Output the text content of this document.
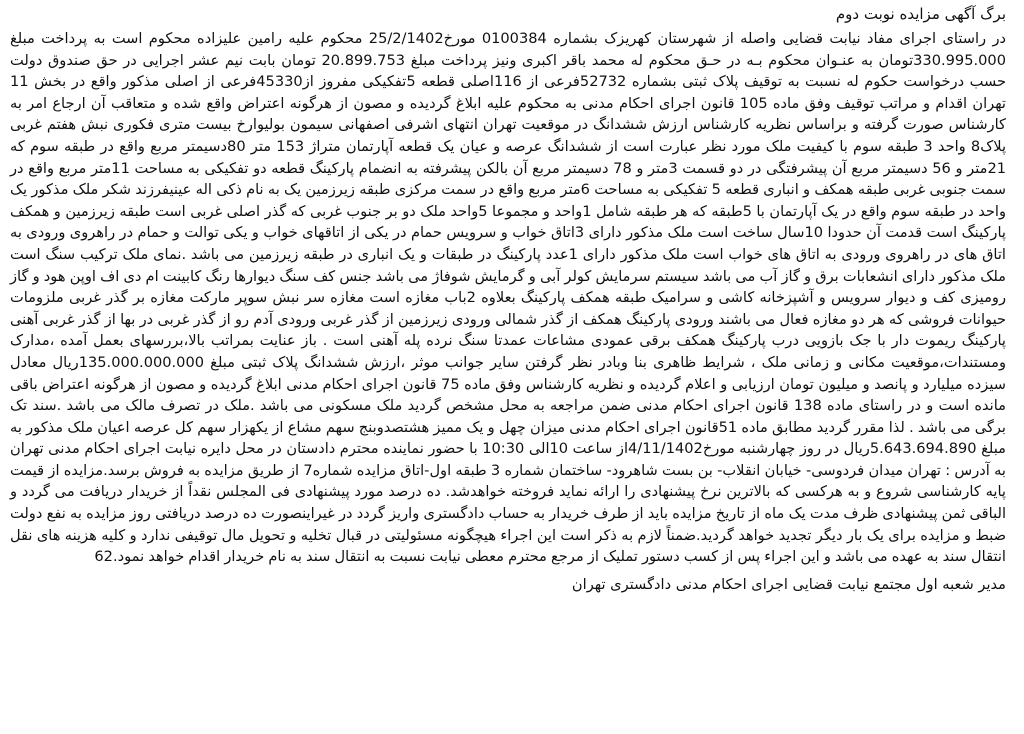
برگ آگهی مزایده نوبت دوم

در راستای اجرای مفاد نیابت قضایی واصله از شهرستان کهریزک بشماره 0100384 مورخ25/2/1402 محکوم علیه رامین علیزاده محکوم است به پرداخت مبلغ 330.995.000تومان به عنـوان محکوم بـه در حـق محکوم له محمد باقر اکبری ونیز پرداخت مبلغ 20.899.753 تومان بابت نیم عشر اجرایی در حق صندوق دولت حسب درخواست حکوم له نسبت به توقیف پلاک ثبتی بشماره 52732فرعی از 116اصلی قطعه 5تفکیکی مفروز از45330فرعی از اصلی مذکور واقع در بخش 11 تهران اقدام و مراتب توقیف وفق ماده 105 قانون اجرای احکام مدنی به محکوم علیه ابلاغ گردیده و مصون از هرگونه اعتراض واقع شده و متعاقب آن ارجاع امر به کارشناس صورت گرفته و براساس نظریه کارشناس ارزش ششدانگ در موقعیت تهران انتهای اشرفی اصفهانی سیمون بولیوارخ بیست متری فکوری نبش هفتم غربی پلاک8 واحد 3 طبقه سوم با کیفیت ملک مورد نظر عبارت است از ششدانگ عرصه و عیان یک قطعه آپارتمان متراژ 153 متر 80دسیمتر مربع واقع در طبقه سوم که 21متر و 56 دسیمتر مربع آن پیشرفتگی در دو قسمت 3متر و 78 دسیمتر مربع آن بالکن پیشرفته به انضمام پارکینگ قطعه دو تفکیکی به مساحت 11متر مربع واقع در سمت جنوبی غربی طبقه همکف و انباری قطعه 5 تفکیکی به مساحت 6متر مربع واقع در سمت مرکزی طبقه زیرزمین یک به نام ذکی اله عینیفرزند شکر ملک مذکور یک واحد در طبقه سوم واقع در یک آپارتمان با 5طبقه که هر طبقه شامل 1واحد و مجموعا 5واحد ملک دو بر جنوب غربی که گذر اصلی غربی است طبقه زیرزمین و همکف پارکینگ است قدمت آن حدودا 10سال ساخت است ملک مذکور دارای 3اتاق خواب و سرویس حمام در یکی از اتاقهای خواب و یکی توالت و حمام در راهروی ورودی به اتاق های در راهروی ورودی به اتاق های خواب است ملک مذکور دارای 1عدد پارکینگ در طبقات و یک انباری در طبقه زیرزمین می باشد .نمای ملک ترکیب سنگ است ملک مذکور دارای انشعابات برق و گاز آب می باشد سیستم سرمایش کولر آبی و گرمایش شوفاژ می باشد جنس کف سنگ دیوارها رنگ کابینت ام دی اف اوپن هود و گاز رومیزی کف و دیوار سرویس و آشپزخانه کاشی و سرامیک طبقه همکف پارکینگ بعلاوه 2باب مغازه است مغازه سر نبش سوپر مارکت مغازه بر گذر غربی ملزومات حیوانات فروشی که هر دو مغازه فعال می باشند ورودی پارکینگ همکف از گذر شمالی ورودی زیرزمین از گذر غربی ورودی آدم رو از گذر غربی در بها از گذر غربی آهنی پارکینگ ریموت دار با جک بازویی درب پارکینگ همکف برقی عمودی مشاعات عمدتا سنگ نرده پله آهنی است . باز عنایت بمراتب بالا،بررسهای بعمل آمده ،مدارک ومستندات،موقعیت مکانی و زمانی ملک ، شرایط ظاهری بنا وبادر نظر گرفتن سایر جوانب موثر ،ارزش ششدانگ پلاک ثبتی مبلغ 135.000.000.000ریال معادل سیزده میلیارد و پانصد و میلیون تومان ارزیابی و اعلام گردیده و نظریه کارشناس وفق ماده 75 قانون اجرای احکام مدنی ابلاغ گردیده و مصون از هرگونه اعتراض باقی مانده است و در راستای ماده 138 قانون اجرای احکام مدنی ضمن مراجعه به محل مشخص گردید ملک مسکونی می باشد .ملک در تصرف مالک می باشد .سند تک برگی می باشد . لذا مقرر گردید مطابق ماده 51قانون اجرای احکام مدنی میزان چهل و یک ممیز هشتصدوبنج سهم مشاع از یکهزار سهم کل عرصه اعیان ملک مذکور به مبلغ 5.643.694.890ریال در روز چهارشنبه مورخ4/11/1402از ساعت 10الی 10:30 با حضور نماینده محترم دادستان در محل دایره نیابت اجرای احکام مدنی تهران به آدرس : تهران میدان فردوسی- خیابان انقلاب- بن بست شاهرود- ساختمان شماره 3 طبقه اول-اتاق مزایده شماره7 از طریق مزایده به فروش برسد.مزایده از قیمت پایه کارشناسی شروع و به هرکسی که بالاترین نرخ پیشنهادی را ارائه نماید فروخته خواهدشد. ده درصد مورد پیشنهادی فی المجلس نقداً از خریدار دریافت می گردد و الباقی ثمن پیشنهادی ظرف مدت یک ماه از تاریخ مزایده باید از طرف خریدار به حساب دادگستری واریز گردد در غیراینصورت ده درصد دریافتی روز مزایده به نفع دولت ضبط و مزایده برای یک بار دیگر تجدید خواهد گردید.ضمناً لازم به ذکر است این اجراء هیچگونه مسئولیتی در قبال تخلیه و تحویل مال توقیفی ندارد و کلیه هزینه های نقل انتقال سند به عهده می باشد و این اجراء پس از کسب دستور تملیک از مرجع محترم معطی نیابت نسبت به انتقال سند به نام خریدار اقدام خواهد نمود.62

مدیر شعبه اول مجتمع نیابت قضایی اجرای احکام مدنی دادگستری تهران
